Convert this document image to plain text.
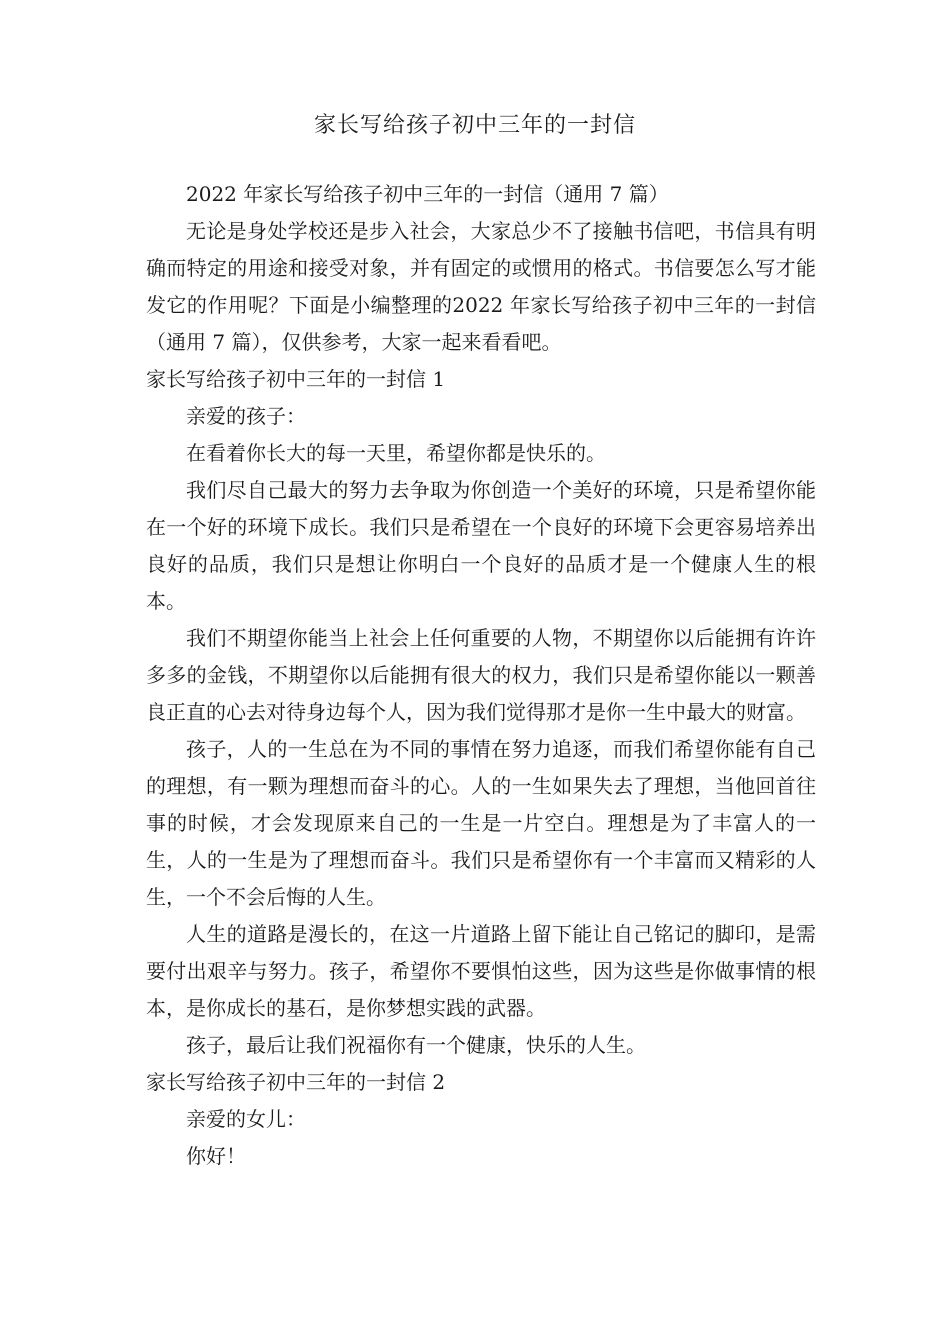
家长写给孩子初中三年的一封信

2022 年家长写给孩子初中三年的一封信（通用 7 篇）

无论是身处学校还是步入社会，大家总少不了接触书信吧，书信具有明确而特定的用途和接受对象，并有固定的或惯用的格式。书信要怎么写才能发它的作用呢？下面是小编整理的2022 年家长写给孩子初中三年的一封信（通用 7 篇），仅供参考，大家一起来看看吧。

家长写给孩子初中三年的一封信 1

亲爱的孩子：

在看着你长大的每一天里，希望你都是快乐的。

我们尽自己最大的努力去争取为你创造一个美好的环境，只是希望你能在一个好的环境下成长。我们只是希望在一个良好的环境下会更容易培养出良好的品质，我们只是想让你明白一个良好的品质才是一个健康人生的根本。

我们不期望你能当上社会上任何重要的人物，不期望你以后能拥有许许多多的金钱，不期望你以后能拥有很大的权力，我们只是希望你能以一颗善良正直的心去对待身边每个人，因为我们觉得那才是你一生中最大的财富。

孩子，人的一生总在为不同的事情在努力追逐，而我们希望你能有自己的理想，有一颗为理想而奋斗的心。人的一生如果失去了理想，当他回首往事的时候，才会发现原来自己的一生是一片空白。理想是为了丰富人的一生，人的一生是为了理想而奋斗。我们只是希望你有一个丰富而又精彩的人生，一个不会后悔的人生。

人生的道路是漫长的，在这一片道路上留下能让自己铭记的脚印，是需要付出艰辛与努力。孩子，希望你不要惧怕这些，因为这些是你做事情的根本，是你成长的基石，是你梦想实践的武器。

孩子，最后让我们祝福你有一个健康，快乐的人生。

家长写给孩子初中三年的一封信 2

亲爱的女儿：

你好！
